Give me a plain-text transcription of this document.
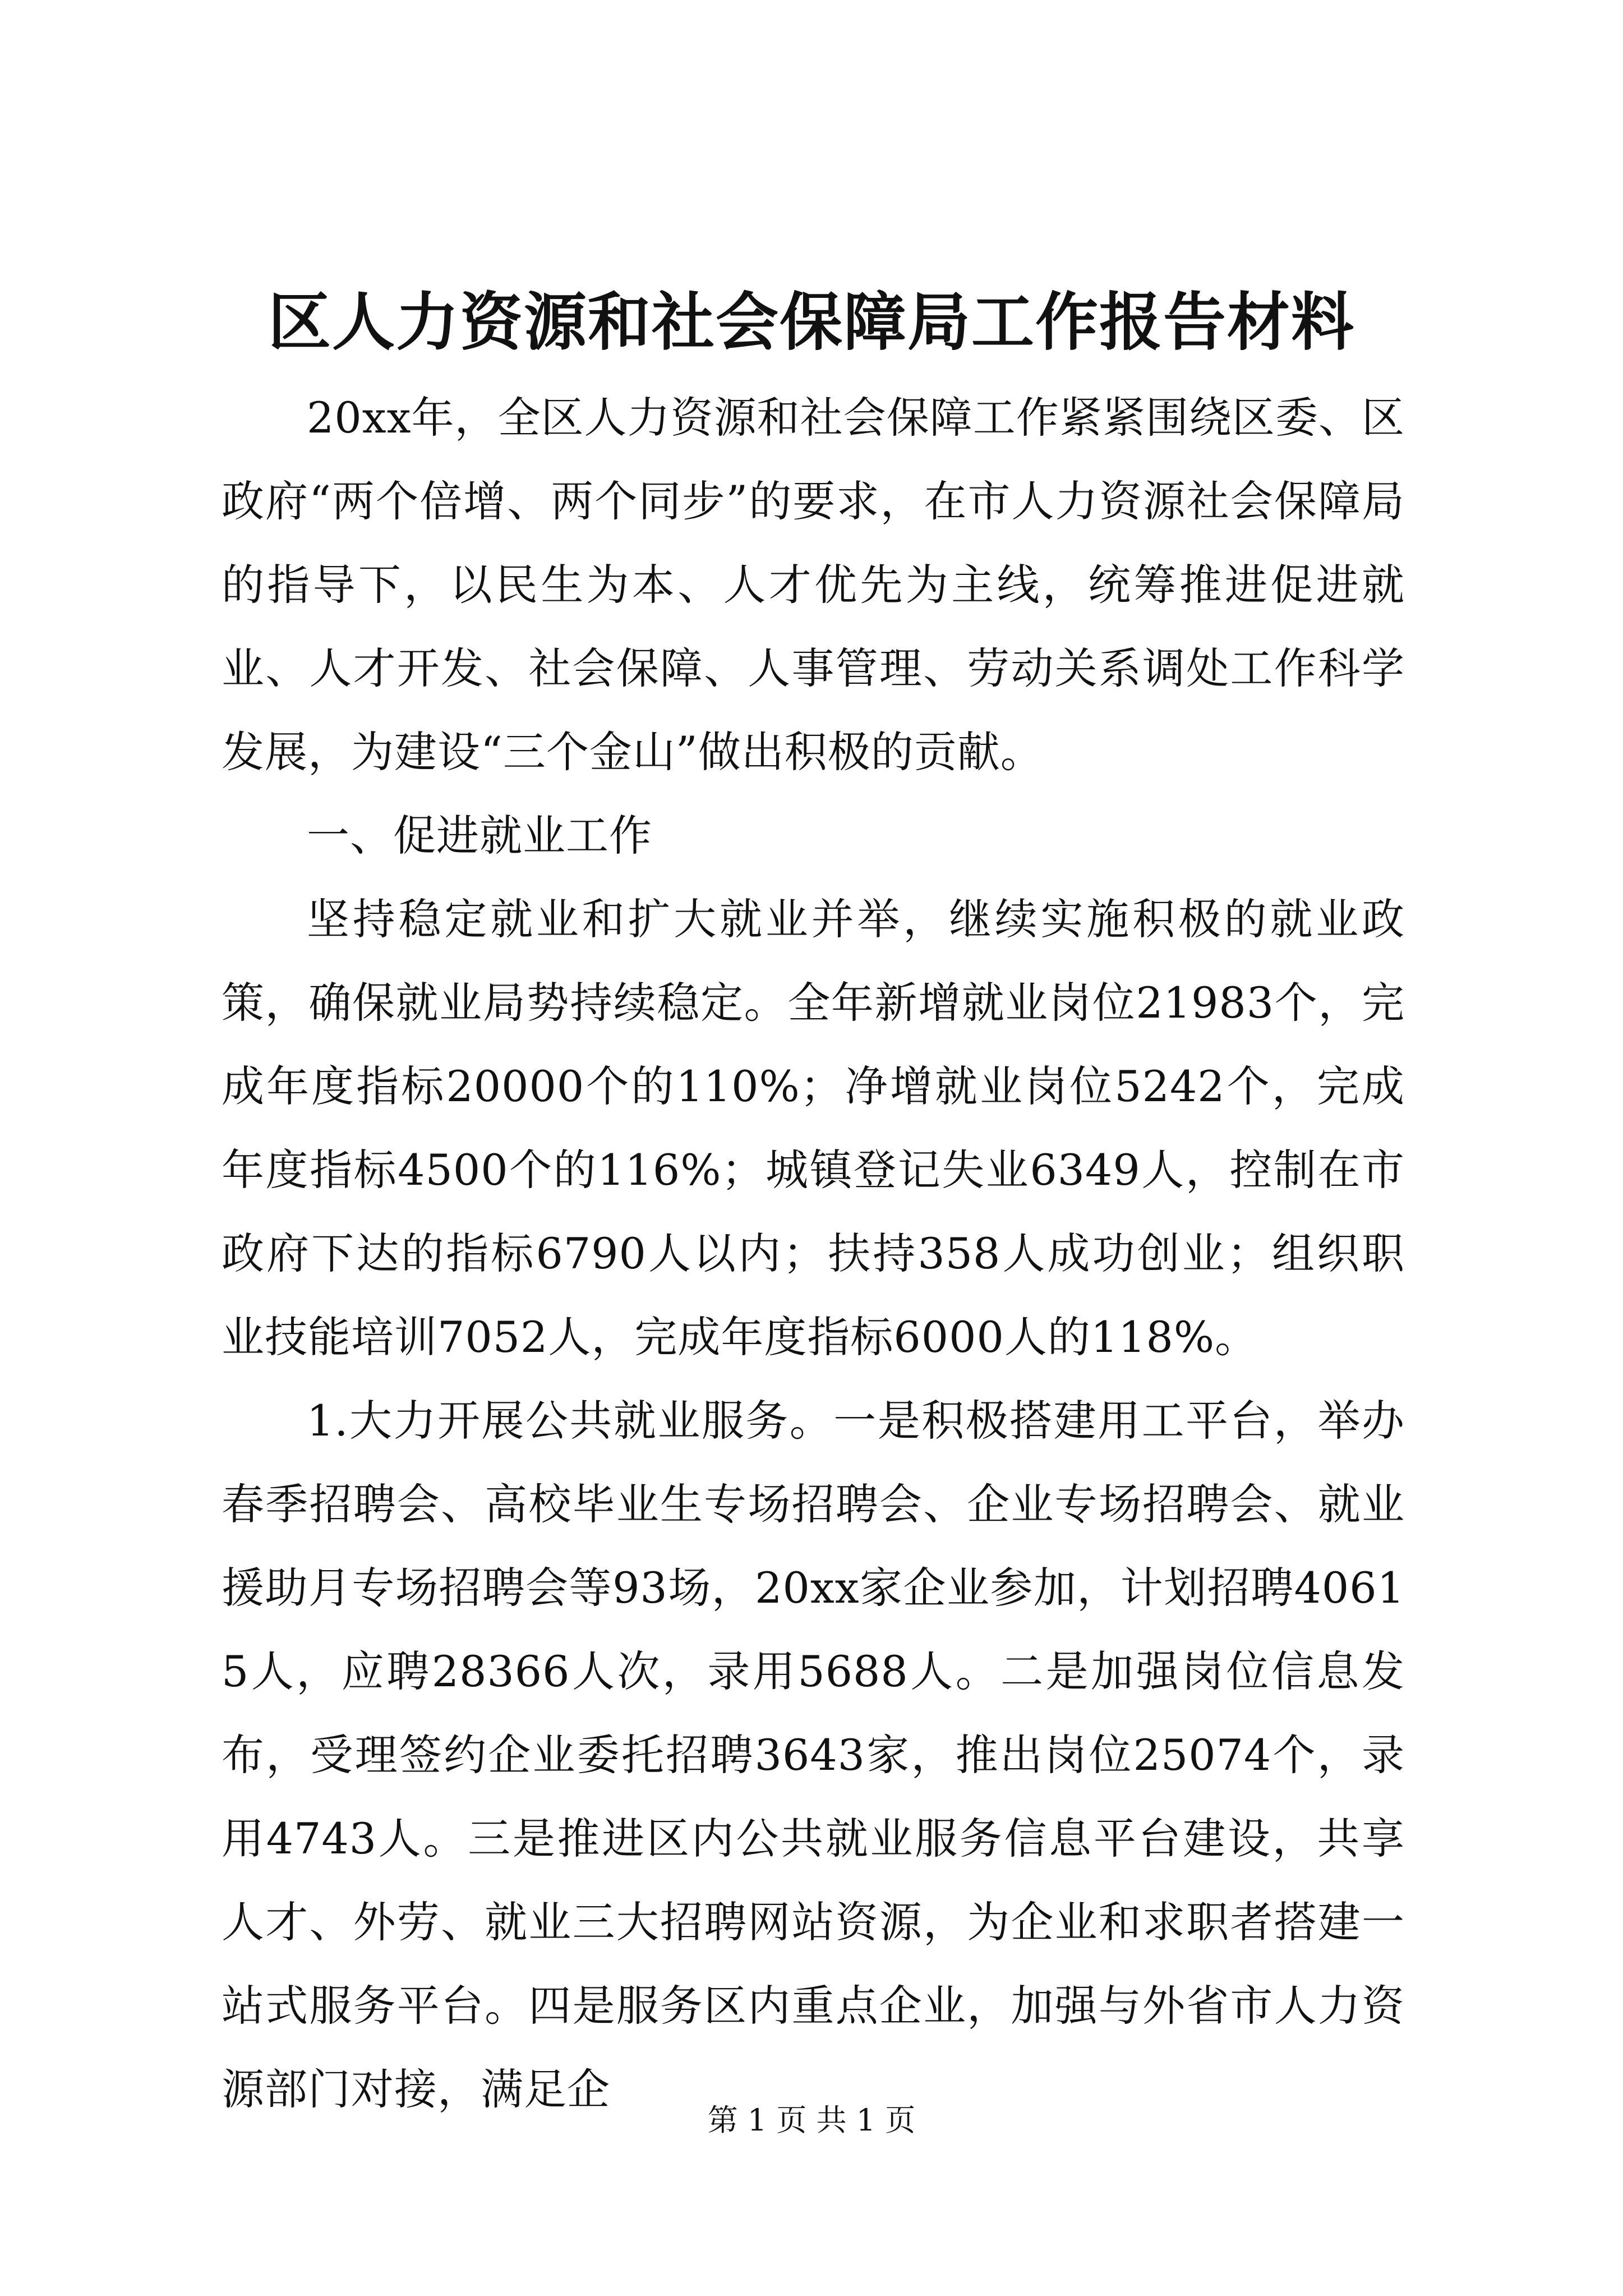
区人力资源和社会保障局工作报告材料

20xx年，全区人力资源和社会保障工作紧紧围绕区委、区政府“两个倍增、两个同步”的要求，在市人力资源社会保障局的指导下，以民生为本、人才优先为主线，统筹推进促进就业、人才开发、社会保障、人事管理、劳动关系调处工作科学发展，为建设“三个金山”做出积极的贡献。

一、促进就业工作

坚持稳定就业和扩大就业并举，继续实施积极的就业政策，确保就业局势持续稳定。全年新增就业岗位21983个，完成年度指标20000个的110%；净增就业岗位5242个，完成年度指标4500个的116%；城镇登记失业6349人，控制在市政府下达的指标6790人以内；扶持358人成功创业；组织职业技能培训7052人，完成年度指标6000人的118%。

1.大力开展公共就业服务。一是积极搭建用工平台，举办春季招聘会、高校毕业生专场招聘会、企业专场招聘会、就业援助月专场招聘会等93场，20xx家企业参加，计划招聘40615人，应聘28366人次，录用5688人。二是加强岗位信息发布，受理签约企业委托招聘3643家，推出岗位25074个，录用4743人。三是推进区内公共就业服务信息平台建设，共享人才、外劳、就业三大招聘网站资源，为企业和求职者搭建一站式服务平台。四是服务区内重点企业，加强与外省市人力资源部门对接，满足企

第 1 页 共 1 页
